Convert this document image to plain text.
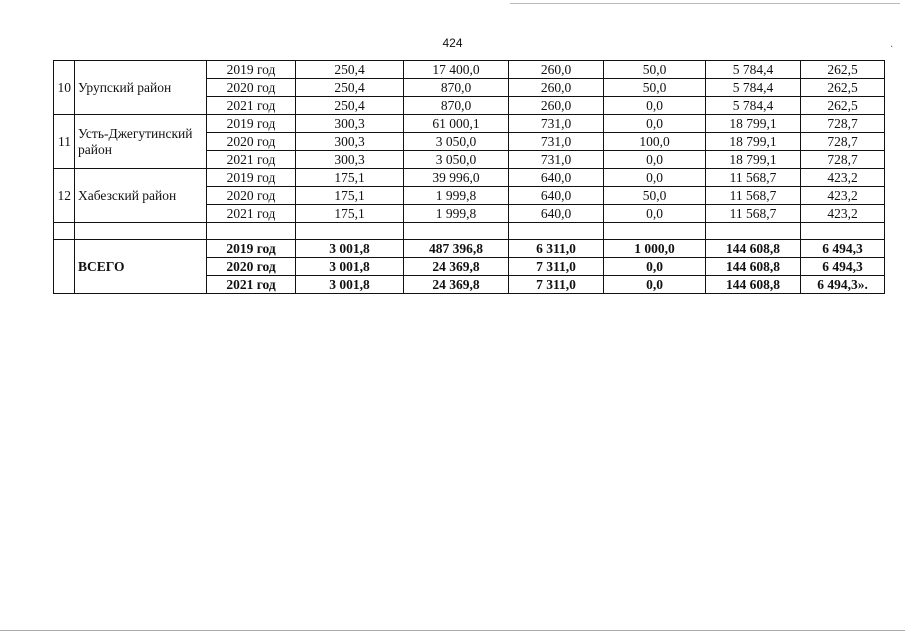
424
10	Урупский район	2019 год	250,4	17 400,0	260,0	50,0	5 784,4	262,5
		2020 год	250,4	870,0	260,0	50,0	5 784,4	262,5
		2021 год	250,4	870,0	260,0	0,0	5 784,4	262,5
11	Усть-Джегутинский район	2019 год	300,3	61 000,1	731,0	0,0	18 799,1	728,7
		2020 год	300,3	3 050,0	731,0	100,0	18 799,1	728,7
		2021 год	300,3	3 050,0	731,0	0,0	18 799,1	728,7
12	Хабезский район	2019 год	175,1	39 996,0	640,0	0,0	11 568,7	423,2
		2020 год	175,1	1 999,8	640,0	50,0	11 568,7	423,2
		2021 год	175,1	1 999,8	640,0	0,0	11 568,7	423,2

	ВСЕГО	2019 год	3 001,8	487 396,8	6 311,0	1 000,0	144 608,8	6 494,3
		2020 год	3 001,8	24 369,8	7 311,0	0,0	144 608,8	6 494,3
		2021 год	3 001,8	24 369,8	7 311,0	0,0	144 608,8	6 494,3».
·
